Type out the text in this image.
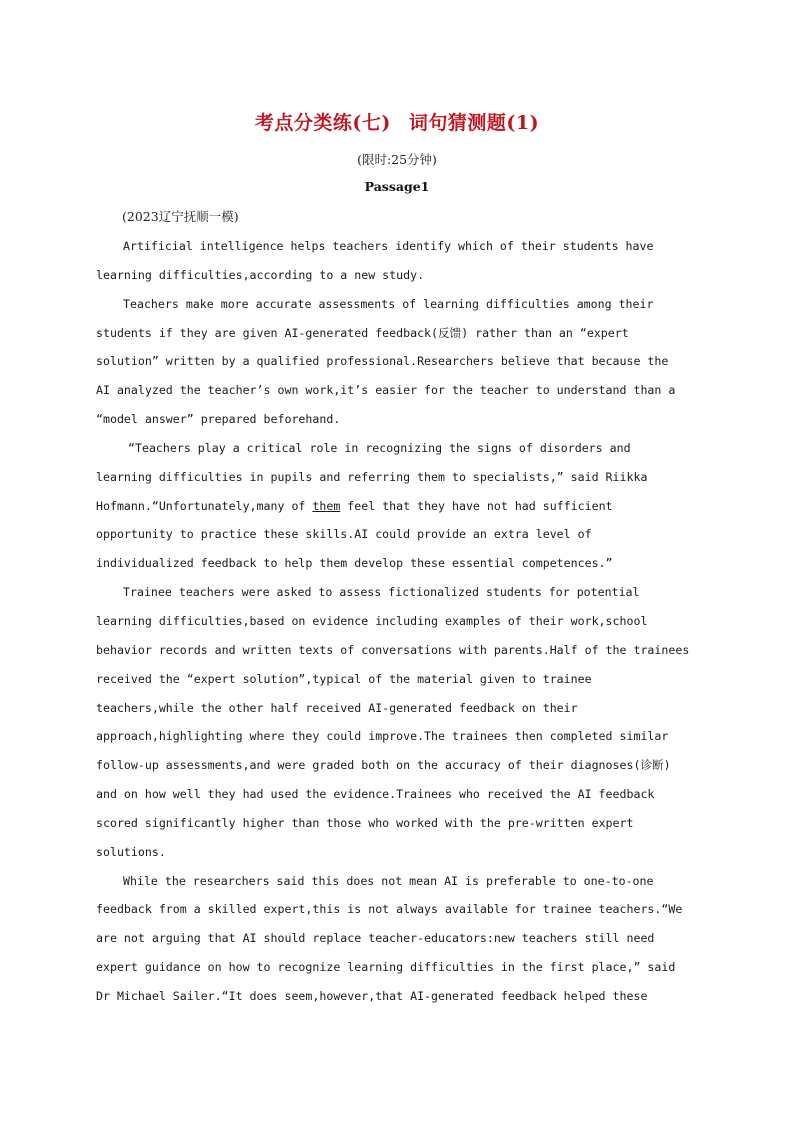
考点分类练(七) 词句猜测题(1)
(限时:25分钟)
Passage1
(2023辽宁抚顺一模)
Artificial intelligence helps teachers identify which of their students have
learning difficulties,according to a new study.
Teachers make more accurate assessments of learning difficulties among their
students if they are given AI-generated feedback(反馈) rather than an “expert
solution” written by a qualified professional.Researchers believe that because the
AI analyzed the teacher’s own work,it’s easier for the teacher to understand than a
“model answer” prepared beforehand.
“Teachers play a critical role in recognizing the signs of disorders and
learning difficulties in pupils and referring them to specialists,” said Riikka
Hofmann.“Unfortunately,many of them feel that they have not had sufficient
opportunity to practice these skills.AI could provide an extra level of
individualized feedback to help them develop these essential competences.”
Trainee teachers were asked to assess fictionalized students for potential
learning difficulties,based on evidence including examples of their work,school
behavior records and written texts of conversations with parents.Half of the trainees
received the “expert solution”,typical of the material given to trainee
teachers,while the other half received AI-generated feedback on their
approach,highlighting where they could improve.The trainees then completed similar
follow-up assessments,and were graded both on the accuracy of their diagnoses(诊断)
and on how well they had used the evidence.Trainees who received the AI feedback
scored significantly higher than those who worked with the pre-written expert
solutions.
While the researchers said this does not mean AI is preferable to one-to-one
feedback from a skilled expert,this is not always available for trainee teachers.“We
are not arguing that AI should replace teacher-educators:new teachers still need
expert guidance on how to recognize learning difficulties in the first place,” said
Dr Michael Sailer.“It does seem,however,that AI-generated feedback helped these
